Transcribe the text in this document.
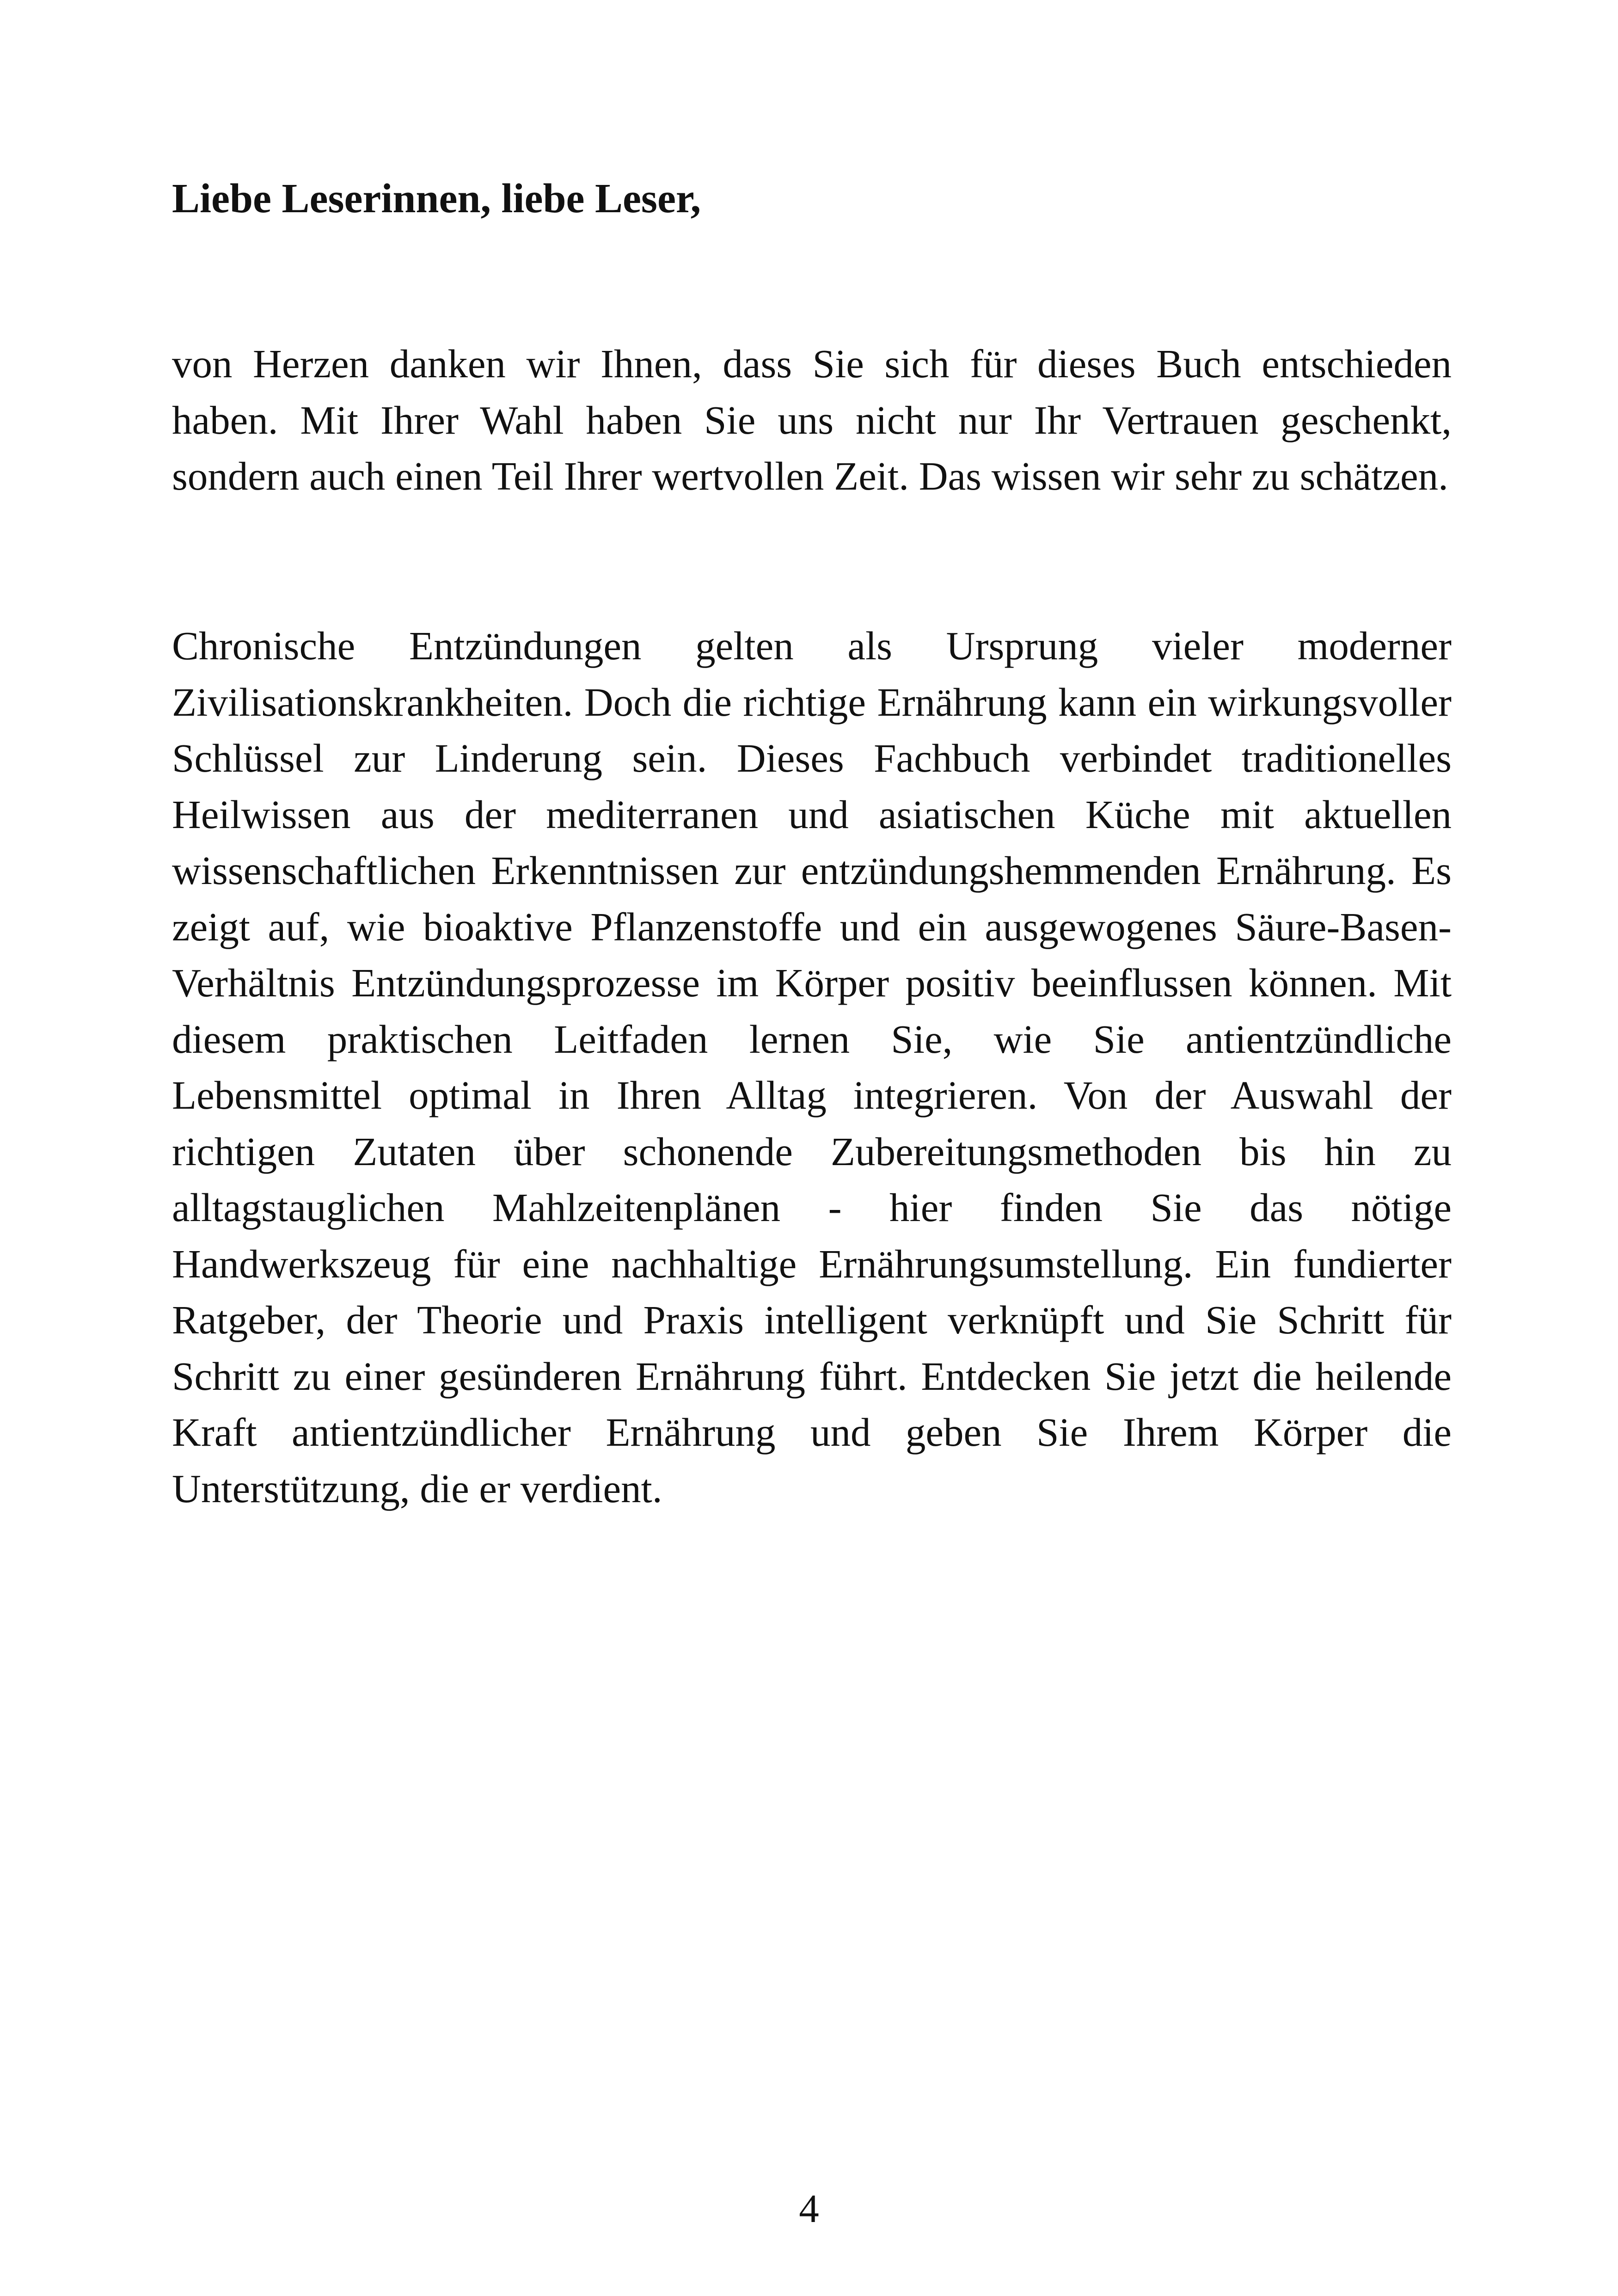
Liebe Leserinnen, liebe Leser,

von Herzen danken wir Ihnen, dass Sie sich für dieses Buch entschieden haben. Mit Ihrer Wahl haben Sie uns nicht nur Ihr Vertrauen geschenkt, sondern auch einen Teil Ihrer wertvollen Zeit. Das wissen wir sehr zu schätzen.

Chronische Entzündungen gelten als Ursprung vieler moderner Zivilisationskrankheiten. Doch die richtige Ernährung kann ein wirkungsvoller Schlüssel zur Linderung sein. Dieses Fachbuch verbindet traditionelles Heilwissen aus der mediterranen und asiatischen Küche mit aktuellen wissenschaftlichen Erkenntnissen zur entzündungshemmenden Ernährung. Es zeigt auf, wie bioaktive Pflanzenstoffe und ein ausgewogenes Säure-Basen-Verhältnis Entzündungsprozesse im Körper positiv beeinflussen können. Mit diesem praktischen Leitfaden lernen Sie, wie Sie antientzündliche Lebensmittel optimal in Ihren Alltag integrieren. Von der Auswahl der richtigen Zutaten über schonende Zubereitungsmethoden bis hin zu alltagstauglichen Mahlzeitenplänen - hier finden Sie das nötige Handwerkszeug für eine nachhaltige Ernährungsumstellung. Ein fundierter Ratgeber, der Theorie und Praxis intelligent verknüpft und Sie Schritt für Schritt zu einer gesünderen Ernährung führt. Entdecken Sie jetzt die heilende Kraft antientzündlicher Ernährung und geben Sie Ihrem Körper die Unterstützung, die er verdient.

4
